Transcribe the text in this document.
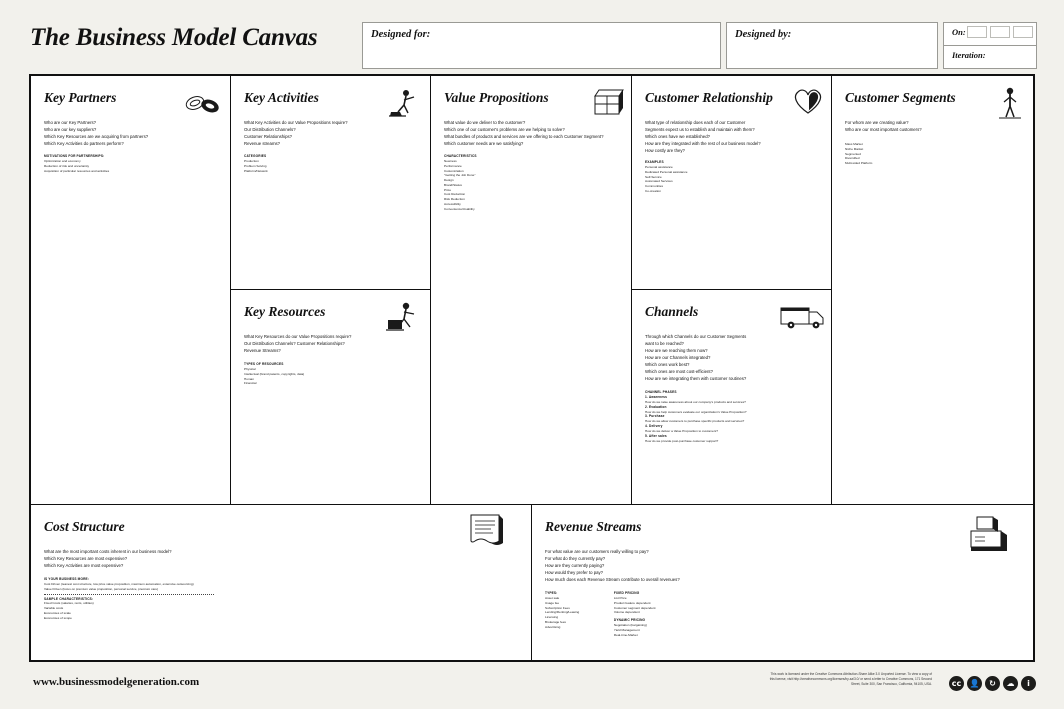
The Business Model Canvas	Designed for:	Designed by:	On:
Iteration:
Key Partners
Who are our Key Partners?
Who are our key suppliers?
Which Key Resources are we acquiring from partners?
Which Key Activities do partners perform?
MOTIVATIONS FOR PARTNERSHIPS:
Optimization and economy
Reduction of risk and uncertainty
Acquisition of particular resources and activities
Key Activities
What Key Activities do our Value Propositions require?
Our Distribution Channels?
Customer Relationships?
Revenue streams?
CATEGORIES
Production
Problem Solving
Platform/Network
Key Resources
What Key Resources do our Value Propositions require?
Our Distribution Channels? Customer Relationships?
Revenue Streams?
TYPES OF RESOURCES
Physical
Intellectual (brand patents, copyrights, data)
Human
Financial
Value Propositions
What value do we deliver to the customer?
Which one of our customer's problems are we helping to solve?
What bundles of products and services are we offering to each Customer Segment?
Which customer needs are we satisfying?
CHARACTERISTICS
Newness
Performance
Customization
"Getting the Job Done"
Design
Brand/Status
Price
Cost Reduction
Risk Reduction
Accessibility
Convenience/Usability
Customer Relationship
What type of relationship does each of our Customer
Segments expect us to establish and maintain with them?
Which ones have we established?
How are they integrated with the rest of our business model?
How costly are they?
EXAMPLES
Personal assistance
Dedicated Personal assistance
Self-Service
Automated Services
Communities
Co-creation
Channels
Through which Channels do our Customer Segments
want to be reached?
How are we reaching them now?
How are our Channels integrated?
Which ones work best?
Which ones are most cost-efficient?
How are we integrating them with customer routines?
CHANNEL PHASES
1. Awareness
How do we raise awareness about our company's products and services?
2. Evaluation
How do we help customers evaluate our organization's Value Proposition?
3. Purchase
How do we allow customers to purchase specific products and services?
4. Delivery
How do we deliver a Value Proposition to customers?
5. After sales
How do we provide post-purchase customer support?
Customer Segments
For whom are we creating value?
Who are our most important customers?
Mass Market
Niche Market
Segmented
Diversified
Multi-sided Platform
Cost Structure
What are the most important costs inherent in our business model?
Which Key Resources are most expensive?
Which Key Activities are most expensive?
IS YOUR BUSINESS MORE:
Cost Driven (leanest cost structure, low price value proposition, maximum automation, extensive outsourcing)
Value Driven (focus on premium value proposition, personal service, premium care)
SAMPLE CHARACTERISTICS:
Fixed Costs (salaries, rents, utilities)
Variable costs
Economies of scale
Economies of scope
Revenue Streams
For what value are our customers really willing to pay?
For what do they currently pay?
How are they currently paying?
How would they prefer to pay?
How much does each Revenue Stream contribute to overall revenues?
TYPES:
Asset sale
Usage fee
Subscription Fees
Lending/Renting/Leasing
Licensing
Brokerage fees
Advertising

FIXED PRICING
List Price
Product feature dependent
Customer segment dependent
Volume dependent
DYNAMIC PRICING
Negotiation (bargaining)
Yield Management
Real-time-Market
www.businessmodelgeneration.com
This work is licensed under the Creative Commons Attribution-Share Alike 3.0 Unported License. To view a copy of this license, visit http://creativecommons.org/licenses/by-sa/3.0/ or send a letter to Creative Commons, 171 Second Street, Suite 300, San Francisco, California, 94105, USA.	cc	👤	↻	☁	i
